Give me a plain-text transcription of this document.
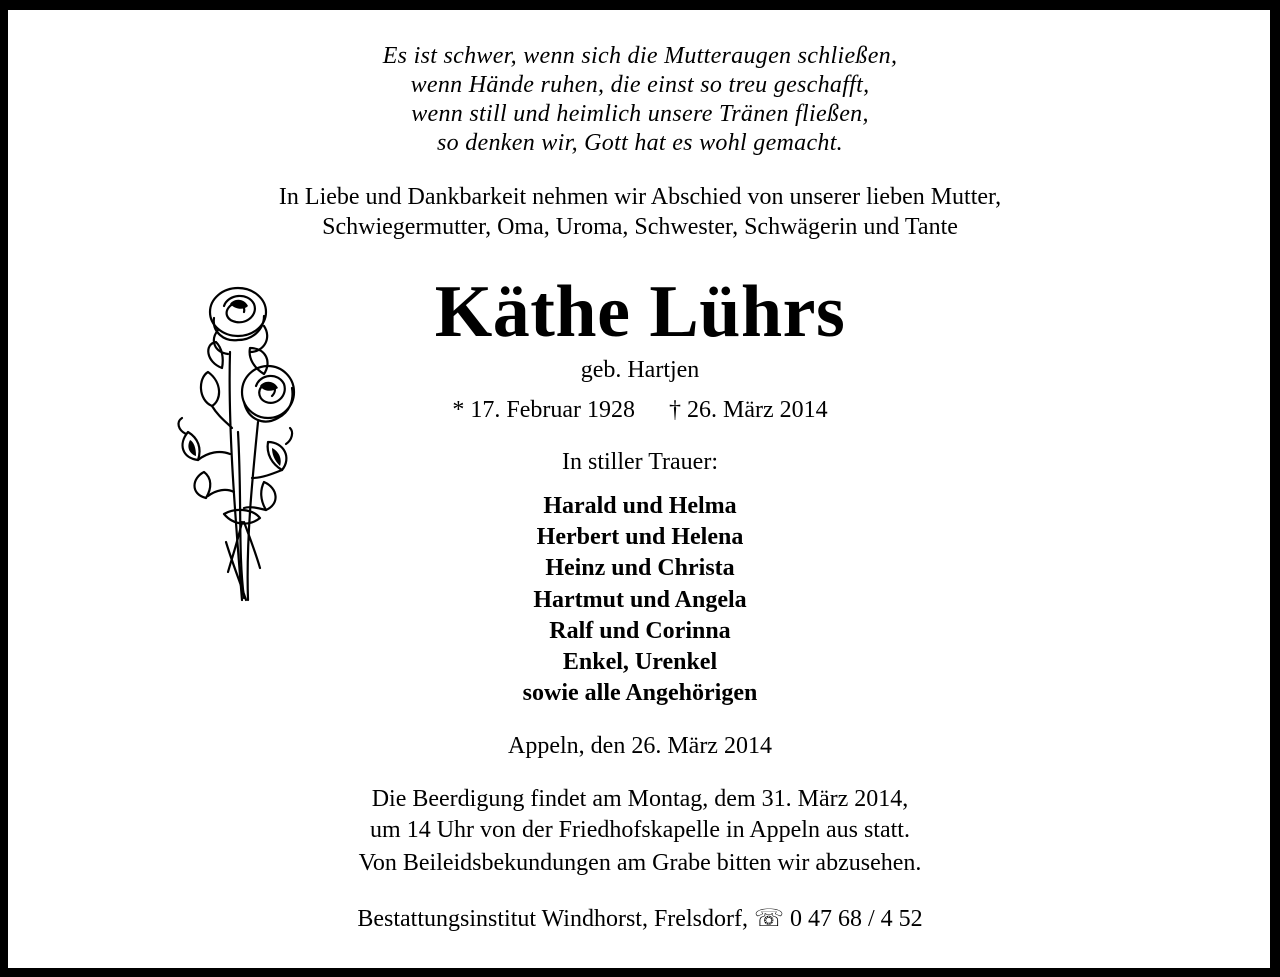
Es ist schwer, wenn sich die Mutteraugen schließen,
wenn Hände ruhen, die einst so treu geschafft,
wenn still und heimlich unsere Tränen fließen,
so denken wir, Gott hat es wohl gemacht.
In Liebe und Dankbarkeit nehmen wir Abschied von unserer lieben Mutter,
Schwiegermutter, Oma, Uroma, Schwester, Schwägerin und Tante
Käthe Lührs
geb. Hartjen
* 17. Februar 1928 † 26. März 2014
In stiller Trauer:
Harald und Helma
Herbert und Helena
Heinz und Christa
Hartmut und Angela
Ralf und Corinna
Enkel, Urenkel
sowie alle Angehörigen
Appeln, den 26. März 2014
Die Beerdigung findet am Montag, dem 31. März 2014,
um 14 Uhr von der Friedhofskapelle in Appeln aus statt.
Von Beileidsbekundungen am Grabe bitten wir abzusehen.
Bestattungsinstitut Windhorst, Frelsdorf, ☏ 0 47 68 / 4 52
